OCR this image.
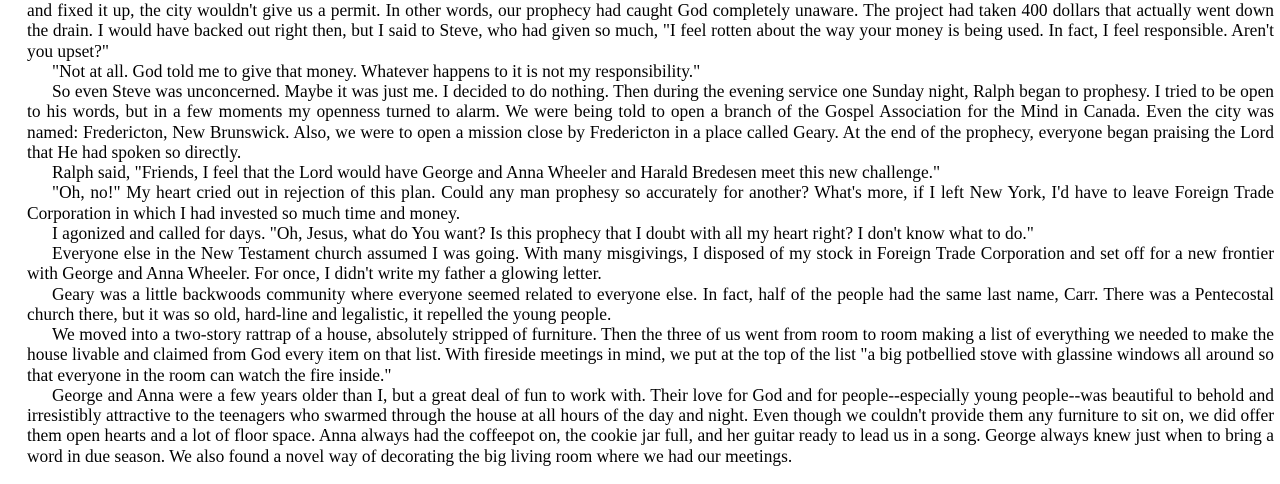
and fixed it up, the city wouldn't give us a permit. In other words, our prophecy had caught God completely unaware. The project had taken 400 dollars that actually went down the drain. I would have backed out right then, but I said to Steve, who had given so much, "I feel rotten about the way your money is being used. In fact, I feel responsible. Aren't you upset?"

"Not at all. God told me to give that money. Whatever happens to it is not my responsibility."

So even Steve was unconcerned. Maybe it was just me. I decided to do nothing. Then during the evening service one Sunday night, Ralph began to prophesy. I tried to be open to his words, but in a few moments my openness turned to alarm. We were being told to open a branch of the Gospel Association for the Mind in Canada. Even the city was named: Fredericton, New Brunswick. Also, we were to open a mission close by Fredericton in a place called Geary. At the end of the prophecy, everyone began praising the Lord that He had spoken so directly.

Ralph said, "Friends, I feel that the Lord would have George and Anna Wheeler and Harald Bredesen meet this new challenge."

"Oh, no!" My heart cried out in rejection of this plan. Could any man prophesy so accurately for another? What's more, if I left New York, I'd have to leave Foreign Trade Corporation in which I had invested so much time and money.

I agonized and called for days. "Oh, Jesus, what do You want? Is this prophecy that I doubt with all my heart right? I don't know what to do."

Everyone else in the New Testament church assumed I was going. With many misgivings, I disposed of my stock in Foreign Trade Corporation and set off for a new frontier with George and Anna Wheeler. For once, I didn't write my father a glowing letter.

Geary was a little backwoods community where everyone seemed related to everyone else. In fact, half of the people had the same last name, Carr. There was a Pentecostal church there, but it was so old, hard-line and legalistic, it repelled the young people.

We moved into a two-story rattrap of a house, absolutely stripped of furniture. Then the three of us went from room to room making a list of everything we needed to make the house livable and claimed from God every item on that list. With fireside meetings in mind, we put at the top of the list "a big potbellied stove with glassine windows all around so that everyone in the room can watch the fire inside."

George and Anna were a few years older than I, but a great deal of fun to work with. Their love for God and for people--especially young people--was beautiful to behold and irresistibly attractive to the teenagers who swarmed through the house at all hours of the day and night. Even though we couldn't provide them any furniture to sit on, we did offer them open hearts and a lot of floor space. Anna always had the coffeepot on, the cookie jar full, and her guitar ready to lead us in a song. George always knew just when to bring a word in due season. We also found a novel way of decorating the big living room where we had our meetings.
